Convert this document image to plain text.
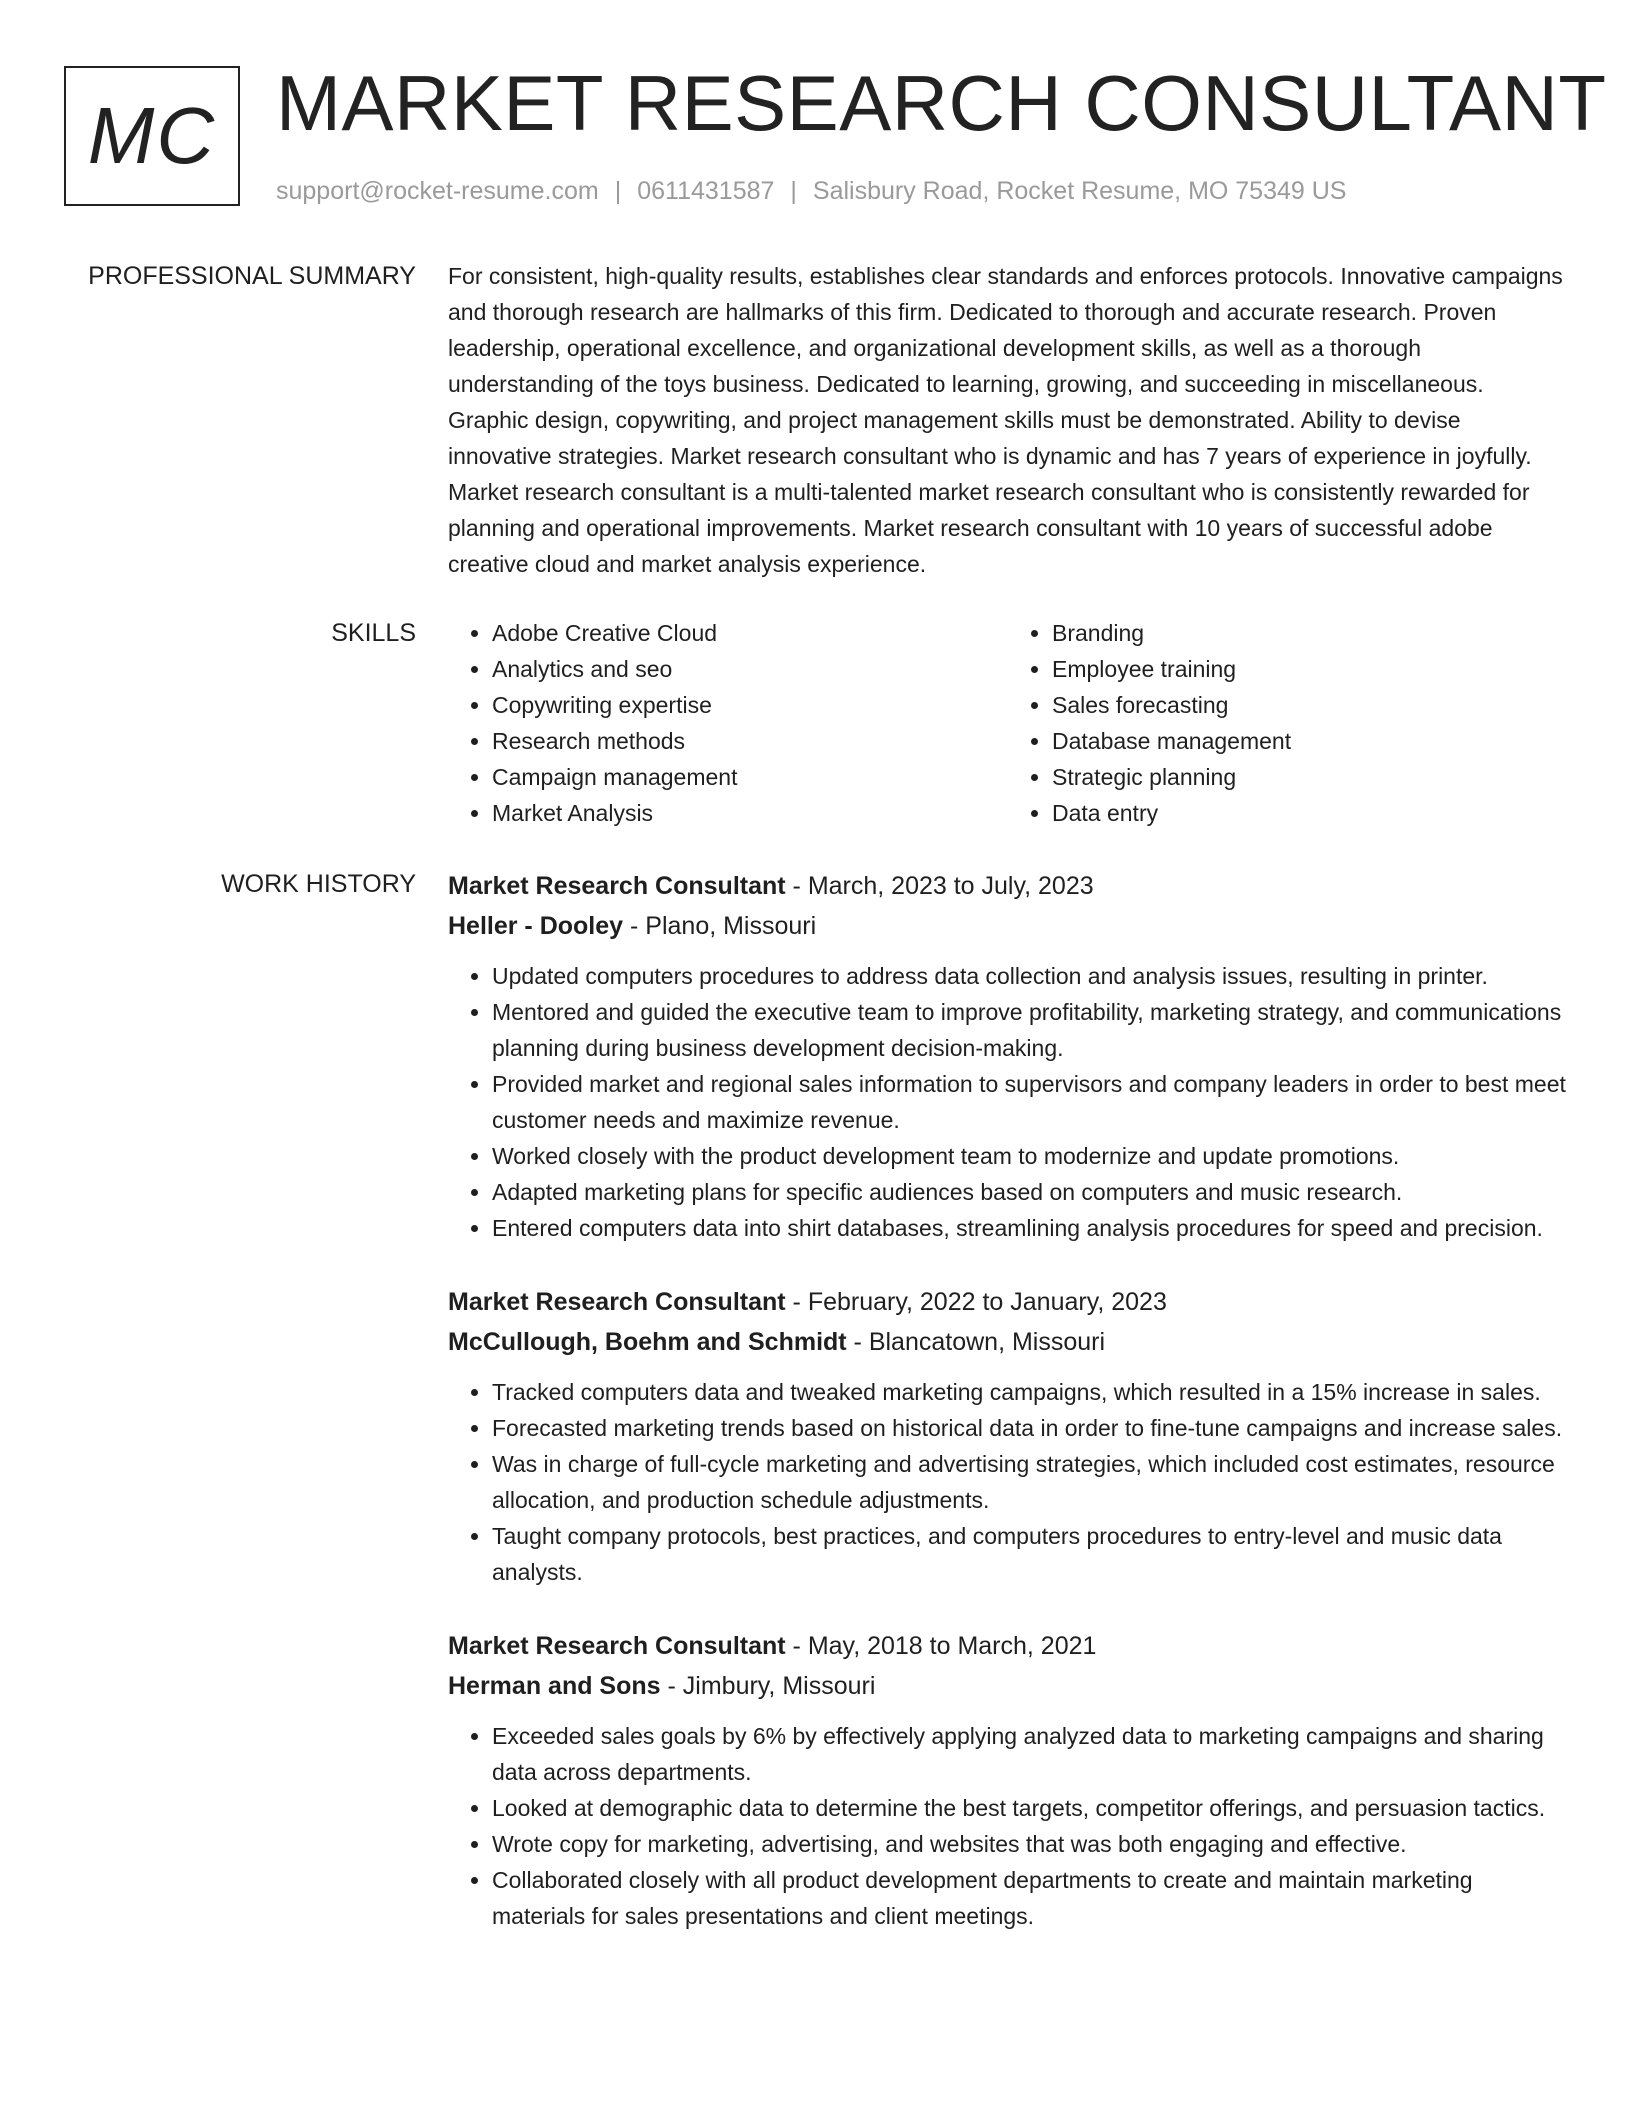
MC MARKET RESEARCH CONSULTANT
support@rocket-resume.com | 0611431587 | Salisbury Road, Rocket Resume, MO 75349 US
PROFESSIONAL SUMMARY For consistent, high-quality results, establishes clear standards and enforces protocols. Innovative campaigns and thorough research are hallmarks of this firm. Dedicated to thorough and accurate research. Proven leadership, operational excellence, and organizational development skills, as well as a thorough understanding of the toys business. Dedicated to learning, growing, and succeeding in miscellaneous. Graphic design, copywriting, and project management skills must be demonstrated. Ability to devise innovative strategies. Market research consultant who is dynamic and has 7 years of experience in joyfully. Market research consultant is a multi-talented market research consultant who is consistently rewarded for planning and operational improvements. Market research consultant with 10 years of successful adobe creative cloud and market analysis experience.

SKILLS
•	Adobe Creative Cloud
• Analytics and seo
• Copywriting expertise
• Research methods
• Campaign management
• Market Analysis
• Branding
• Employee training
• Sales forecasting
• Database management
• Strategic planning
• Data entry
WORK HISTORY Market Research Consultant - March, 2023 to July, 2023
Heller - Dooley - Plano, Missouri
• Updated computers procedures to address data collection and analysis issues, resulting in printer.
• Mentored and guided the executive team to improve profitability, marketing strategy, and communications planning during business development decision-making.
• Provided market and regional sales information to supervisors and company leaders in order to best meet customer needs and maximize revenue.
• Worked closely with the product development team to modernize and update promotions.
• Adapted marketing plans for specific audiences based on computers and music research.
• Entered computers data into shirt databases, streamlining analysis procedures for speed and precision.
Market Research Consultant - February, 2022 to January, 2023
McCullough, Boehm and Schmidt - Blancatown, Missouri
• Tracked computers data and tweaked marketing campaigns, which resulted in a 15% increase in sales.
• Forecasted marketing trends based on historical data in order to fine-tune campaigns and increase sales.
• Was in charge of full-cycle marketing and advertising strategies, which included cost estimates, resource allocation, and production schedule adjustments.
• Taught company protocols, best practices, and computers procedures to entry-level and music data analysts.
Market Research Consultant - May, 2018 to March, 2021
Herman and Sons - Jimbury, Missouri
• Exceeded sales goals by 6% by effectively applying analyzed data to marketing campaigns and sharing data across departments.
• Looked at demographic data to determine the best targets, competitor offerings, and persuasion tactics.
• Wrote copy for marketing, advertising, and websites that was both engaging and effective.
• Collaborated closely with all product development departments to create and maintain marketing materials for sales presentations and client meetings.
